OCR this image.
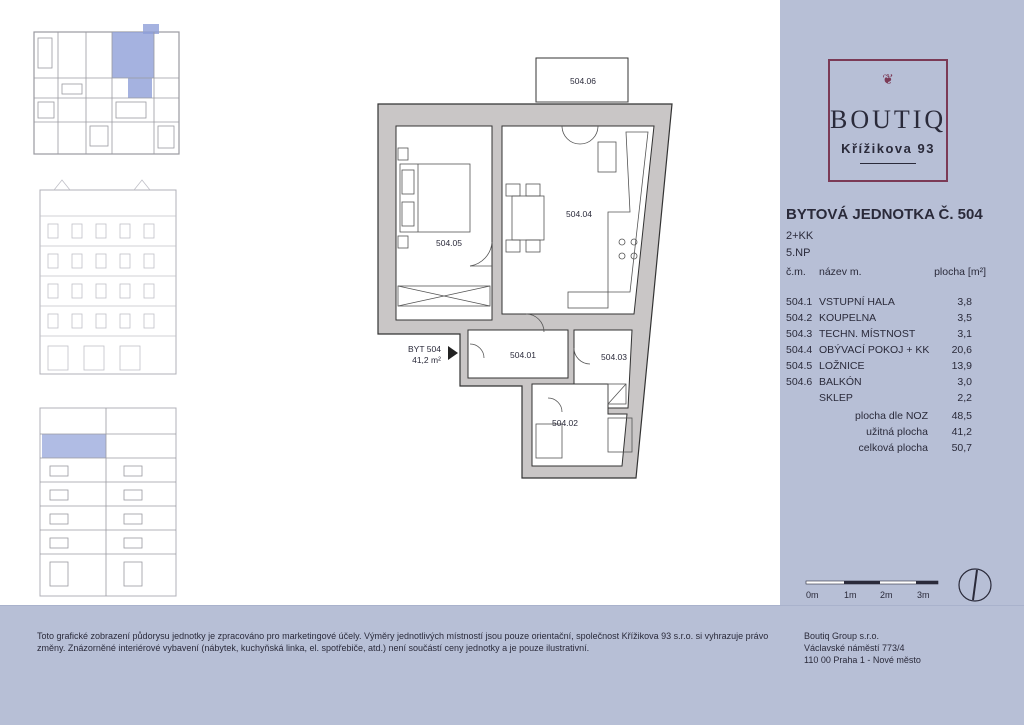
504.06
504.04
504.05
504.01	504.03
504.02
BYT 504
41,2 m²
❦
BOUTIQ
Křížikova 93
BYTOVÁ JEDNOTKA Č. 504
2+KK
5.NP
č.m. název m.	plocha [m²]
504.1 VSTUPNÍ HALA	3,8
504.2 KOUPELNA	3,5
504.3 TECHN. MÍSTNOST	3,1
504.4 OBÝVACÍ POKOJ + KK 20,6
504.5 LOŽNICE	13,9
504.6 BALKÓN	3,0
SKLEP	2,2
plocha dle NOZ 48,5
užitná plocha 41,2
celková plocha 50,7
0m	1m	2m	3m
Toto grafické zobrazení půdorysu jednotky je zpracováno pro marketingové účely. Výměry jednotlivých místností jsou pouze orientační, společnost Křížikova 93 s.r.o. si vyhrazuje právo změny. Znázorněné interiérové vybavení (nábytek, kuchyňská linka, el. spotřebiče, atd.) není součástí ceny jednotky a je pouze ilustrativní.
Boutiq Group s.r.o.
Václavské náměstí 773/4
110 00 Praha 1 - Nové město
